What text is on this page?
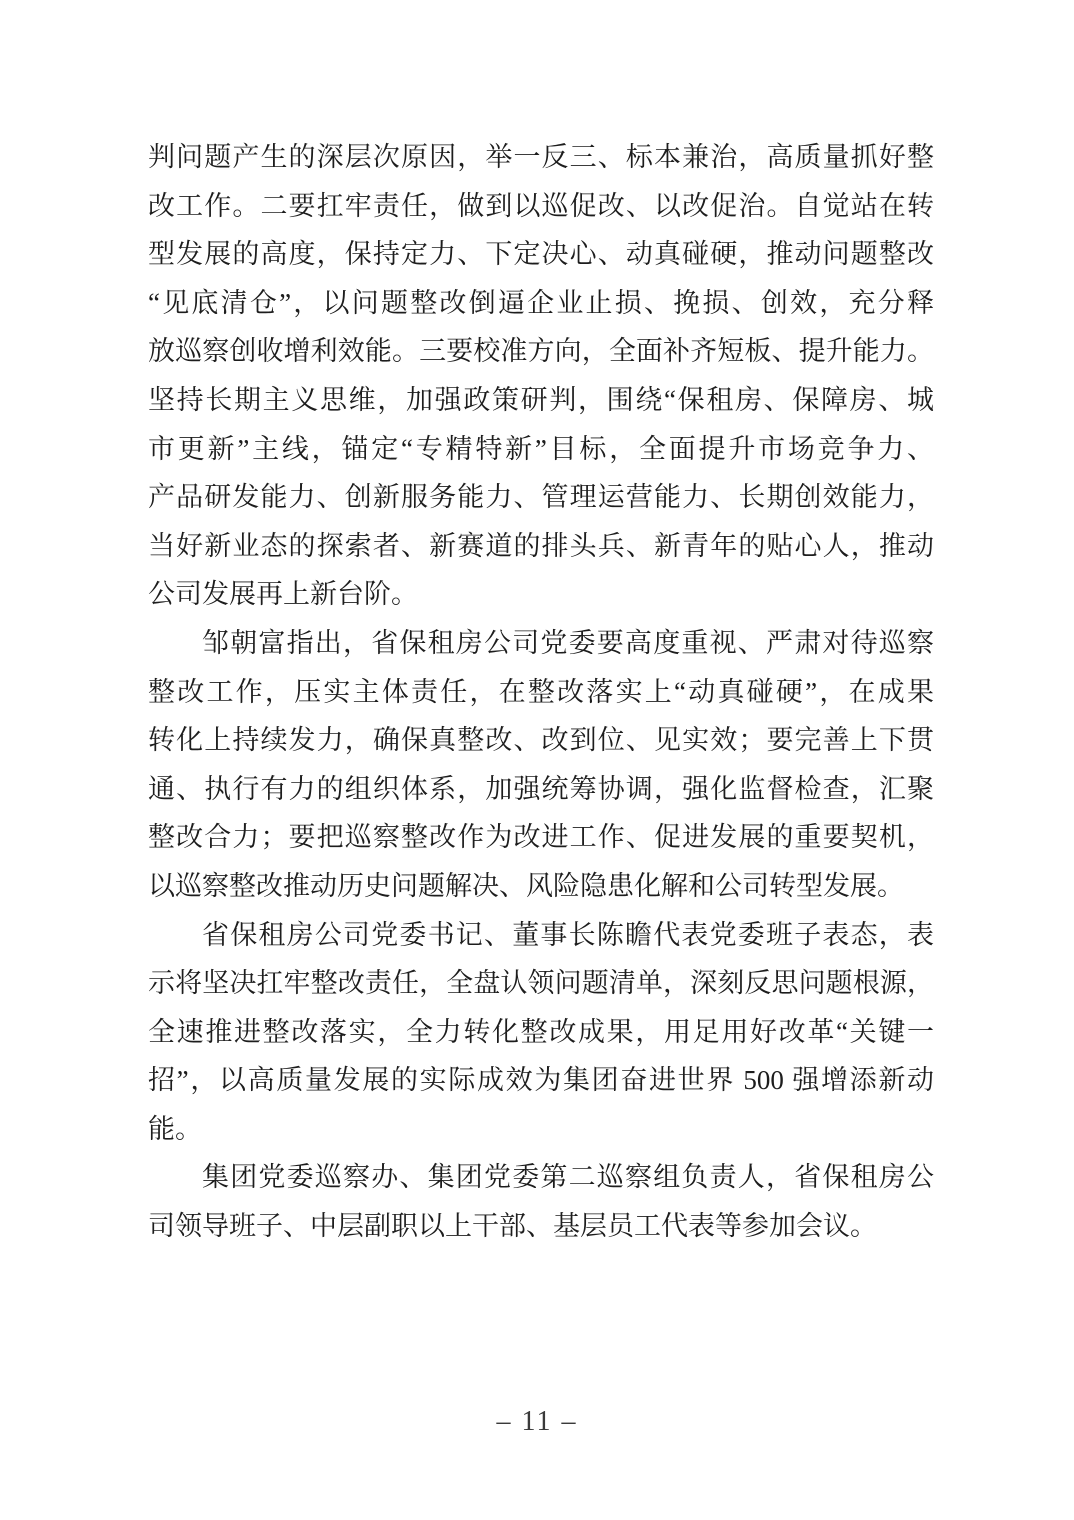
判问题产生的深层次原因，举一反三、标本兼治，高质量抓好整
改工作。二要扛牢责任，做到以巡促改、以改促治。自觉站在转
型发展的高度，保持定力、下定决心、动真碰硬，推动问题整改
“见底清仓”，以问题整改倒逼企业止损、挽损、创效，充分释
放巡察创收增利效能。三要校准方向，全面补齐短板、提升能力。
坚持长期主义思维，加强政策研判，围绕“保租房、保障房、城
市更新”主线，锚定“专精特新”目标，全面提升市场竞争力、
产品研发能力、创新服务能力、管理运营能力、长期创效能力，
当好新业态的探索者、新赛道的排头兵、新青年的贴心人，推动
公司发展再上新台阶。
邹朝富指出，省保租房公司党委要高度重视、严肃对待巡察
整改工作，压实主体责任，在整改落实上“动真碰硬”，在成果
转化上持续发力，确保真整改、改到位、见实效；要完善上下贯
通、执行有力的组织体系，加强统筹协调，强化监督检查，汇聚
整改合力；要把巡察整改作为改进工作、促进发展的重要契机，
以巡察整改推动历史问题解决、风险隐患化解和公司转型发展。
省保租房公司党委书记、董事长陈瞻代表党委班子表态，表
示将坚决扛牢整改责任，全盘认领问题清单，深刻反思问题根源，
全速推进整改落实，全力转化整改成果，用足用好改革“关键一
招”，以高质量发展的实际成效为集团奋进世界 500 强增添新动
能。
集团党委巡察办、集团党委第二巡察组负责人，省保租房公
司领导班子、中层副职以上干部、基层员工代表等参加会议。
– 11 –
